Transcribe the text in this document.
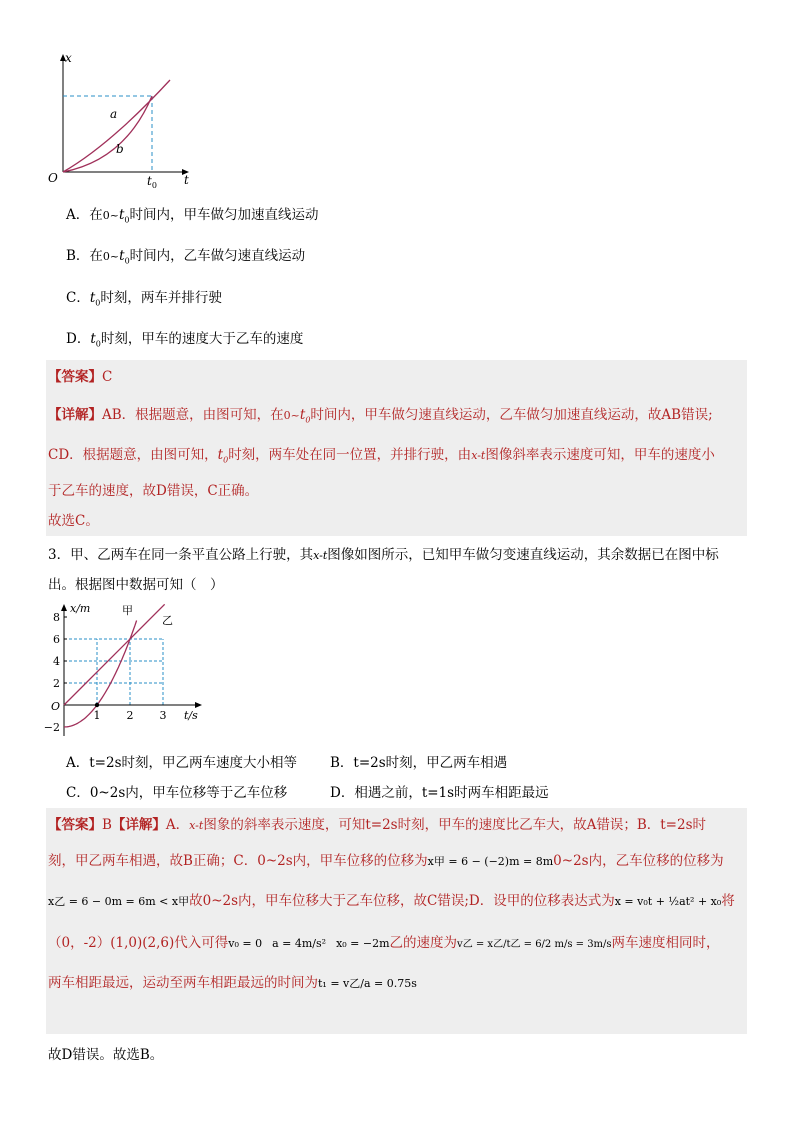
x
O	t
$t_0$
a
b
A．在$0\sim t_0$时间内，甲车做匀加速直线运动
B．在$0\sim t_0$时间内，乙车做匀速直线运动
C．$t_0$时刻，两车并排行驶
D．$t_0$时刻，甲车的速度大于乙车的速度
【答案】C
【详解】AB．根据题意，由图可知，在$0\sim t_0$时间内，甲车做匀速直线运动，乙车做匀加速直线运动，故AB错误;
CD．根据题意，由图可知，$t_0$时刻，两车处在同一位置，并排行驶，由x-t图像斜率表示速度可知，甲车的速度小
于乙车的速度，故D错误，C正确。
故选C。
3．甲、乙两车在同一条平直公路上行驶，其x-t图像如图所示，已知甲车做匀变速直线运动，其余数据已在图中标
出。根据图中数据可知（　）
8
6
4
2
−2
1 2 3
x/m
t/s
O
甲
乙
A．t=2s时刻，甲乙两车速度大小相等 B．t=2s时刻，甲乙两车相遇
C．0~2s内，甲车位移等于乙车位移	D．相遇之前，t=1s时两车相距最远
【答案】B【详解】A．x-t图象的斜率表示速度，可知t=2s时刻，甲车的速度比乙车大，故A错误；B．t=2s时
刻，甲乙两车相遇，故B正确；C．0~2s内，甲车位移的位移为x甲 = 6 − (−2)m = 8m0~2s内，乙车位移的位移为
x乙 = 6 − 0m = 6m < x甲故0~2s内，甲车位移大于乙车位移，故C错误;D．设甲的位移表达式为x = v₀t + ½at² + x₀将
（0，-2）(1,0)(2,6)代入可得v₀ = 0 a = 4m/s² x₀ = −2m乙的速度为v乙 = x乙/t乙 = 6/2 m/s = 3m/s两车速度相同时，
两车相距最远，运动至两车相距最远的时间为t₁ = v乙/a = 0.75s
故D错误。故选B。
